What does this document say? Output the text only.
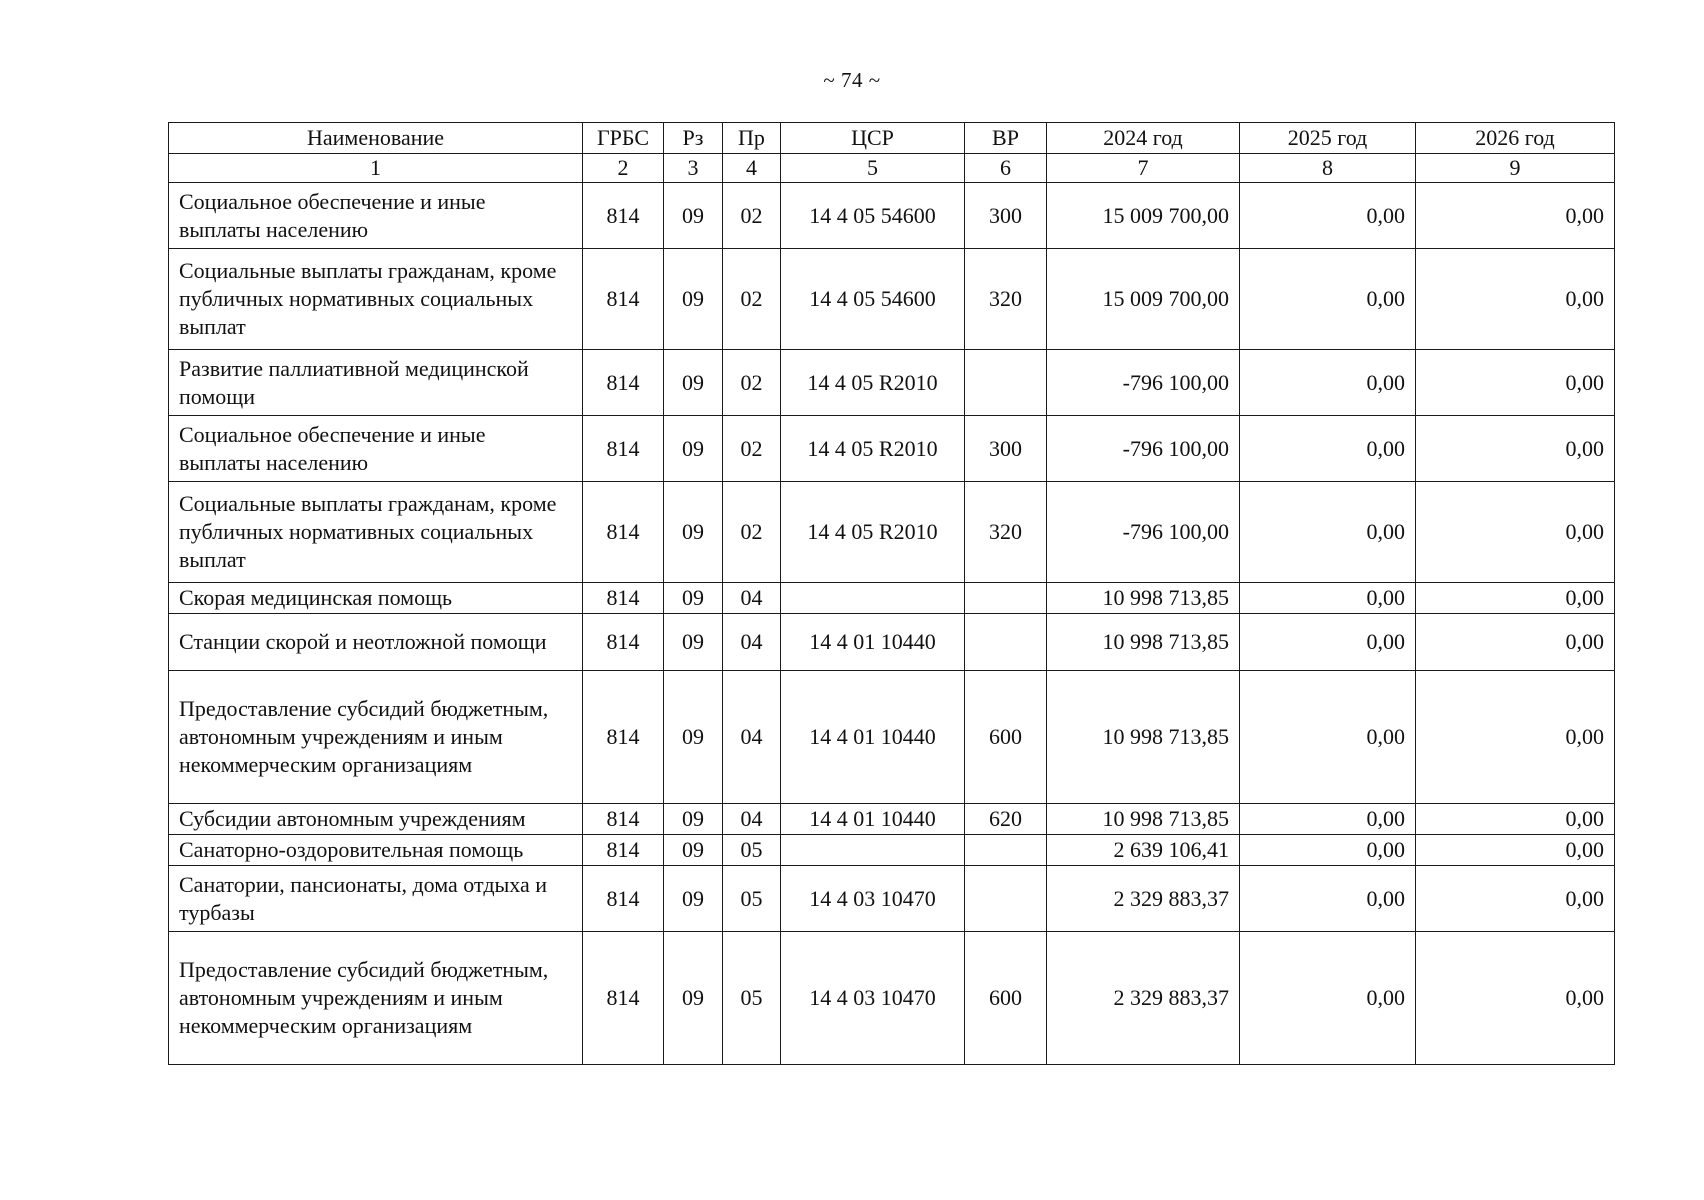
~ 74 ~
Наименование	ГРБС	Рз	Пр	ЦСР	ВР	2024 год	2025 год	2026 год
1	2	3	4	5	6	7	8	9
Социальное обеспечение и иные выплаты населению	814	09	02	14 4 05 54600	300	15 009 700,00	0,00	0,00
Социальные выплаты гражданам, кроме публичных нормативных социальных выплат	814	09	02	14 4 05 54600	320	15 009 700,00	0,00	0,00
Развитие паллиативной медицинской помощи	814	09	02	14 4 05 R2010		-796 100,00	0,00	0,00
Социальное обеспечение и иные выплаты населению	814	09	02	14 4 05 R2010	300	-796 100,00	0,00	0,00
Социальные выплаты гражданам, кроме публичных нормативных социальных выплат	814	09	02	14 4 05 R2010	320	-796 100,00	0,00	0,00
Скорая медицинская помощь	814	09	04			10 998 713,85	0,00	0,00
Станции скорой и неотложной помощи	814	09	04	14 4 01 10440		10 998 713,85	0,00	0,00
Предоставление субсидий бюджетным, автономным учреждениям и иным некоммерческим организациям	814	09	04	14 4 01 10440	600	10 998 713,85	0,00	0,00
Субсидии автономным учреждениям	814	09	04	14 4 01 10440	620	10 998 713,85	0,00	0,00
Санаторно-оздоровительная помощь	814	09	05			2 639 106,41	0,00	0,00
Санатории, пансионаты, дома отдыха и турбазы	814	09	05	14 4 03 10470		2 329 883,37	0,00	0,00
Предоставление субсидий бюджетным, автономным учреждениям и иным некоммерческим организациям	814	09	05	14 4 03 10470	600	2 329 883,37	0,00	0,00
